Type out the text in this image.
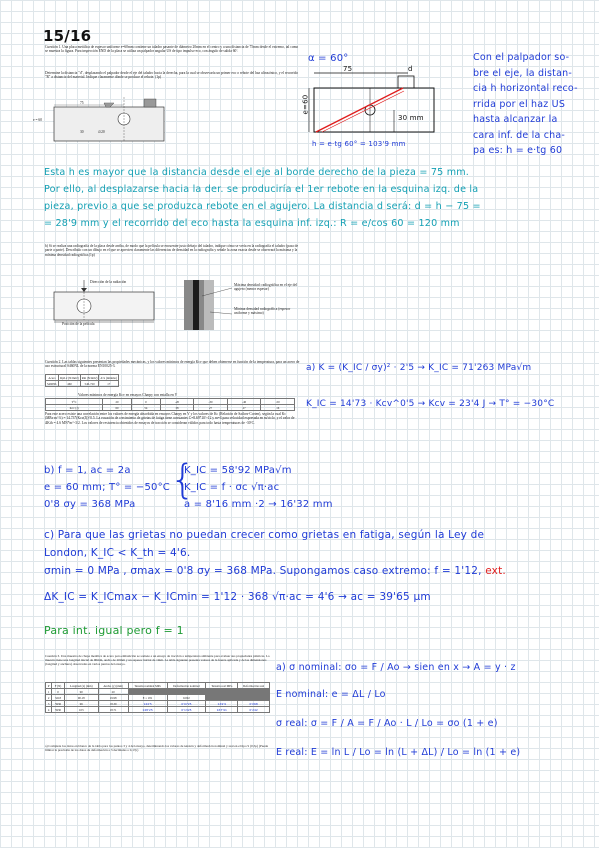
15/16
Cuestión 1. Una placa metálica de espesor uniforme e=60mm contiene un taladro pasante de diámetro 20mm en el centro y a una distancia de 75mm desde el extremo, tal como se muestra la figura. Para inspección END de la placa se utiliza un palpador angular US de tipo impulso-eco, con ángulo de salida 60º.
Determine la distancia "d", desplazando el palpador desde el eje del taladro hacia la derecha, para la cual se observaría un primer eco o rebote del haz ultrasónico, y el recorrido "R" a distancia del material. Indique claramente dónde se produce el rebote. (1p)
75
e = 60
30	∅20
α = 60°
75	d
e=60
30 mm
h = e·tg 60° = 103'9 mm
Con el palpador so-
bre el eje, la distan-
cia h horizontal reco-
rrida por el haz US
hasta alcanzar la
cara inf. de la cha-
pa es: h = e·tg 60
Esta h es mayor que la distancia desde el eje al borde derecho de la pieza = 75 mm.
Por ello, al desplazarse hacia la der. se produciría el 1er rebote en la esquina izq. de la
pieza, previo a que se produzca rebote en el agujero. La distancia d será: d = h − 75 =
= 28'9 mm y el recorrido del eco hasta la esquina inf. izq.: R = e/cos 60 = 120 mm
b) Si se realiza una radiografía de la placa desde arriba, de modo que la película se encuentre justo debajo del taladro, indique cómo se vería en la radiografía el taladro (pasa de parte a parte). Descríbalo con un dibujo en el que se aprecien claramente las diferencias de densidad en la radiografía y señale la zona exacta desde se observará la máxima y la mínima densidad radiográfica.(1p)
Dirección de la radiación
Posición de la película
Máxima densidad: radiográfica en el eje del agujero (menor espesor)
Mínima densidad radiográfica (espesor uniforme y máximo)
Cuestión 2. Las tablas siguientes presentan las propiedades mecánicas, y los valores mínimos de energía Kcv que deben obtenerse en función de la temperatura, para un acero de uso estructural S460NL de la norma EN10025-3.
Acero	Rp0.2 (N/mm²)	Rm (N/mm²)	A% (mínimo)
S460NL	460	540-720	17
Valores mínimos de energía Kcv en ensayos Charpy con entalla en V
T°C	20	0	-20	-30	-40	-50
Kcv (J)	60	54	38	27	27	16
Para este acero existe una correlación entre los valores de energía absorbida en ensayos Charpy en V y los valores de Kc (Relación de Sailors-Corten), según la cual Kc (MPa·m^½) = 14.73*(Kcv(J))^0.5. La ecuación de crecimiento de grietas de fatiga tiene constantes C=8.69*10^-12 y m=4 para velocidad expresada en m/ciclo, y el valor de ΔKth = 4.6 MN*m^-3/2. Los valores de resistencia obtenidos de ensayos de tracción se consideran válidos para todo hasta temperaturas de -30ºC.
a) K = (K_IC / σy)² · 2'5 → K_IC = 71'263 MPa√m
K_IC = 14'73 · Kcv^0'5 → Kcv = 23'4 J → T° = −30°C
b) f = 1, ac = 2a
e = 60 mm; T° = −50°C
0'8 σy = 368 MPa
{
K_IC = 58'92 MPa√m
K_IC = f · σc √π·ac
a = 8'16 mm ·2 → 16'32 mm
c) Para que las grietas no puedan crecer como grietas en fatiga, según la Ley de
London, K_IC < K_th = 4'6.
σmin = 0 MPa , σmax = 0'8 σy = 368 MPa. Supongamos caso extremo: f = 1'12, ext.
ΔK_IC = K_ICmax − K_ICmin = 1'12 · 368 √π·ac = 4'6 → ac = 39'65 μm
Para int. igual pero f = 1
Cuestión 3. Una muestra de chapa metálica de acero para embutición se somete a un ensayo de tracción a temperatura ambiente para evaluar sus propiedades plásticas. La muestra tiene una longitud inicial de 90mm, ancho de 20mm y un espesor inicial de 1mm. La tabla siguiente presenta valores de la fuerza aplicada y de las dimensiones (longitud y anchura) observadas en varios puntos del ensayo.
P	F (N)	Longitud (x) (mm)	Ancho (y) (mm)	Tensión nominal MPa	Deformación nominal	Tensión real MPa	Deformación real
1	0	90	20				
2	3218	90.18	19.98	E = 181	0.002		
3	5936	96	18.39	144'5	0'0725	149'9	0'068
4	5930	103	18.71	148'25	0'1325	167'91	0'242
a) Complete los datos en blanco de la tabla para los puntos 3 y 4 del ensayo, determinando los valores de tensión y deformación nominal y real en el tipo S (0,5p) (Puede limitar la precisión de los datos de deformación a 3 decimales o 0,17p)
a) σ nominal: σo = F / Ao → sien en x → A = y · z
E nominal: e = ΔL / Lo
σ real: σ = F / A = F / Ao · L / Lo = σo (1 + e)
E real: E = ln L / Lo = ln (L + ΔL) / Lo = ln (1 + e)
